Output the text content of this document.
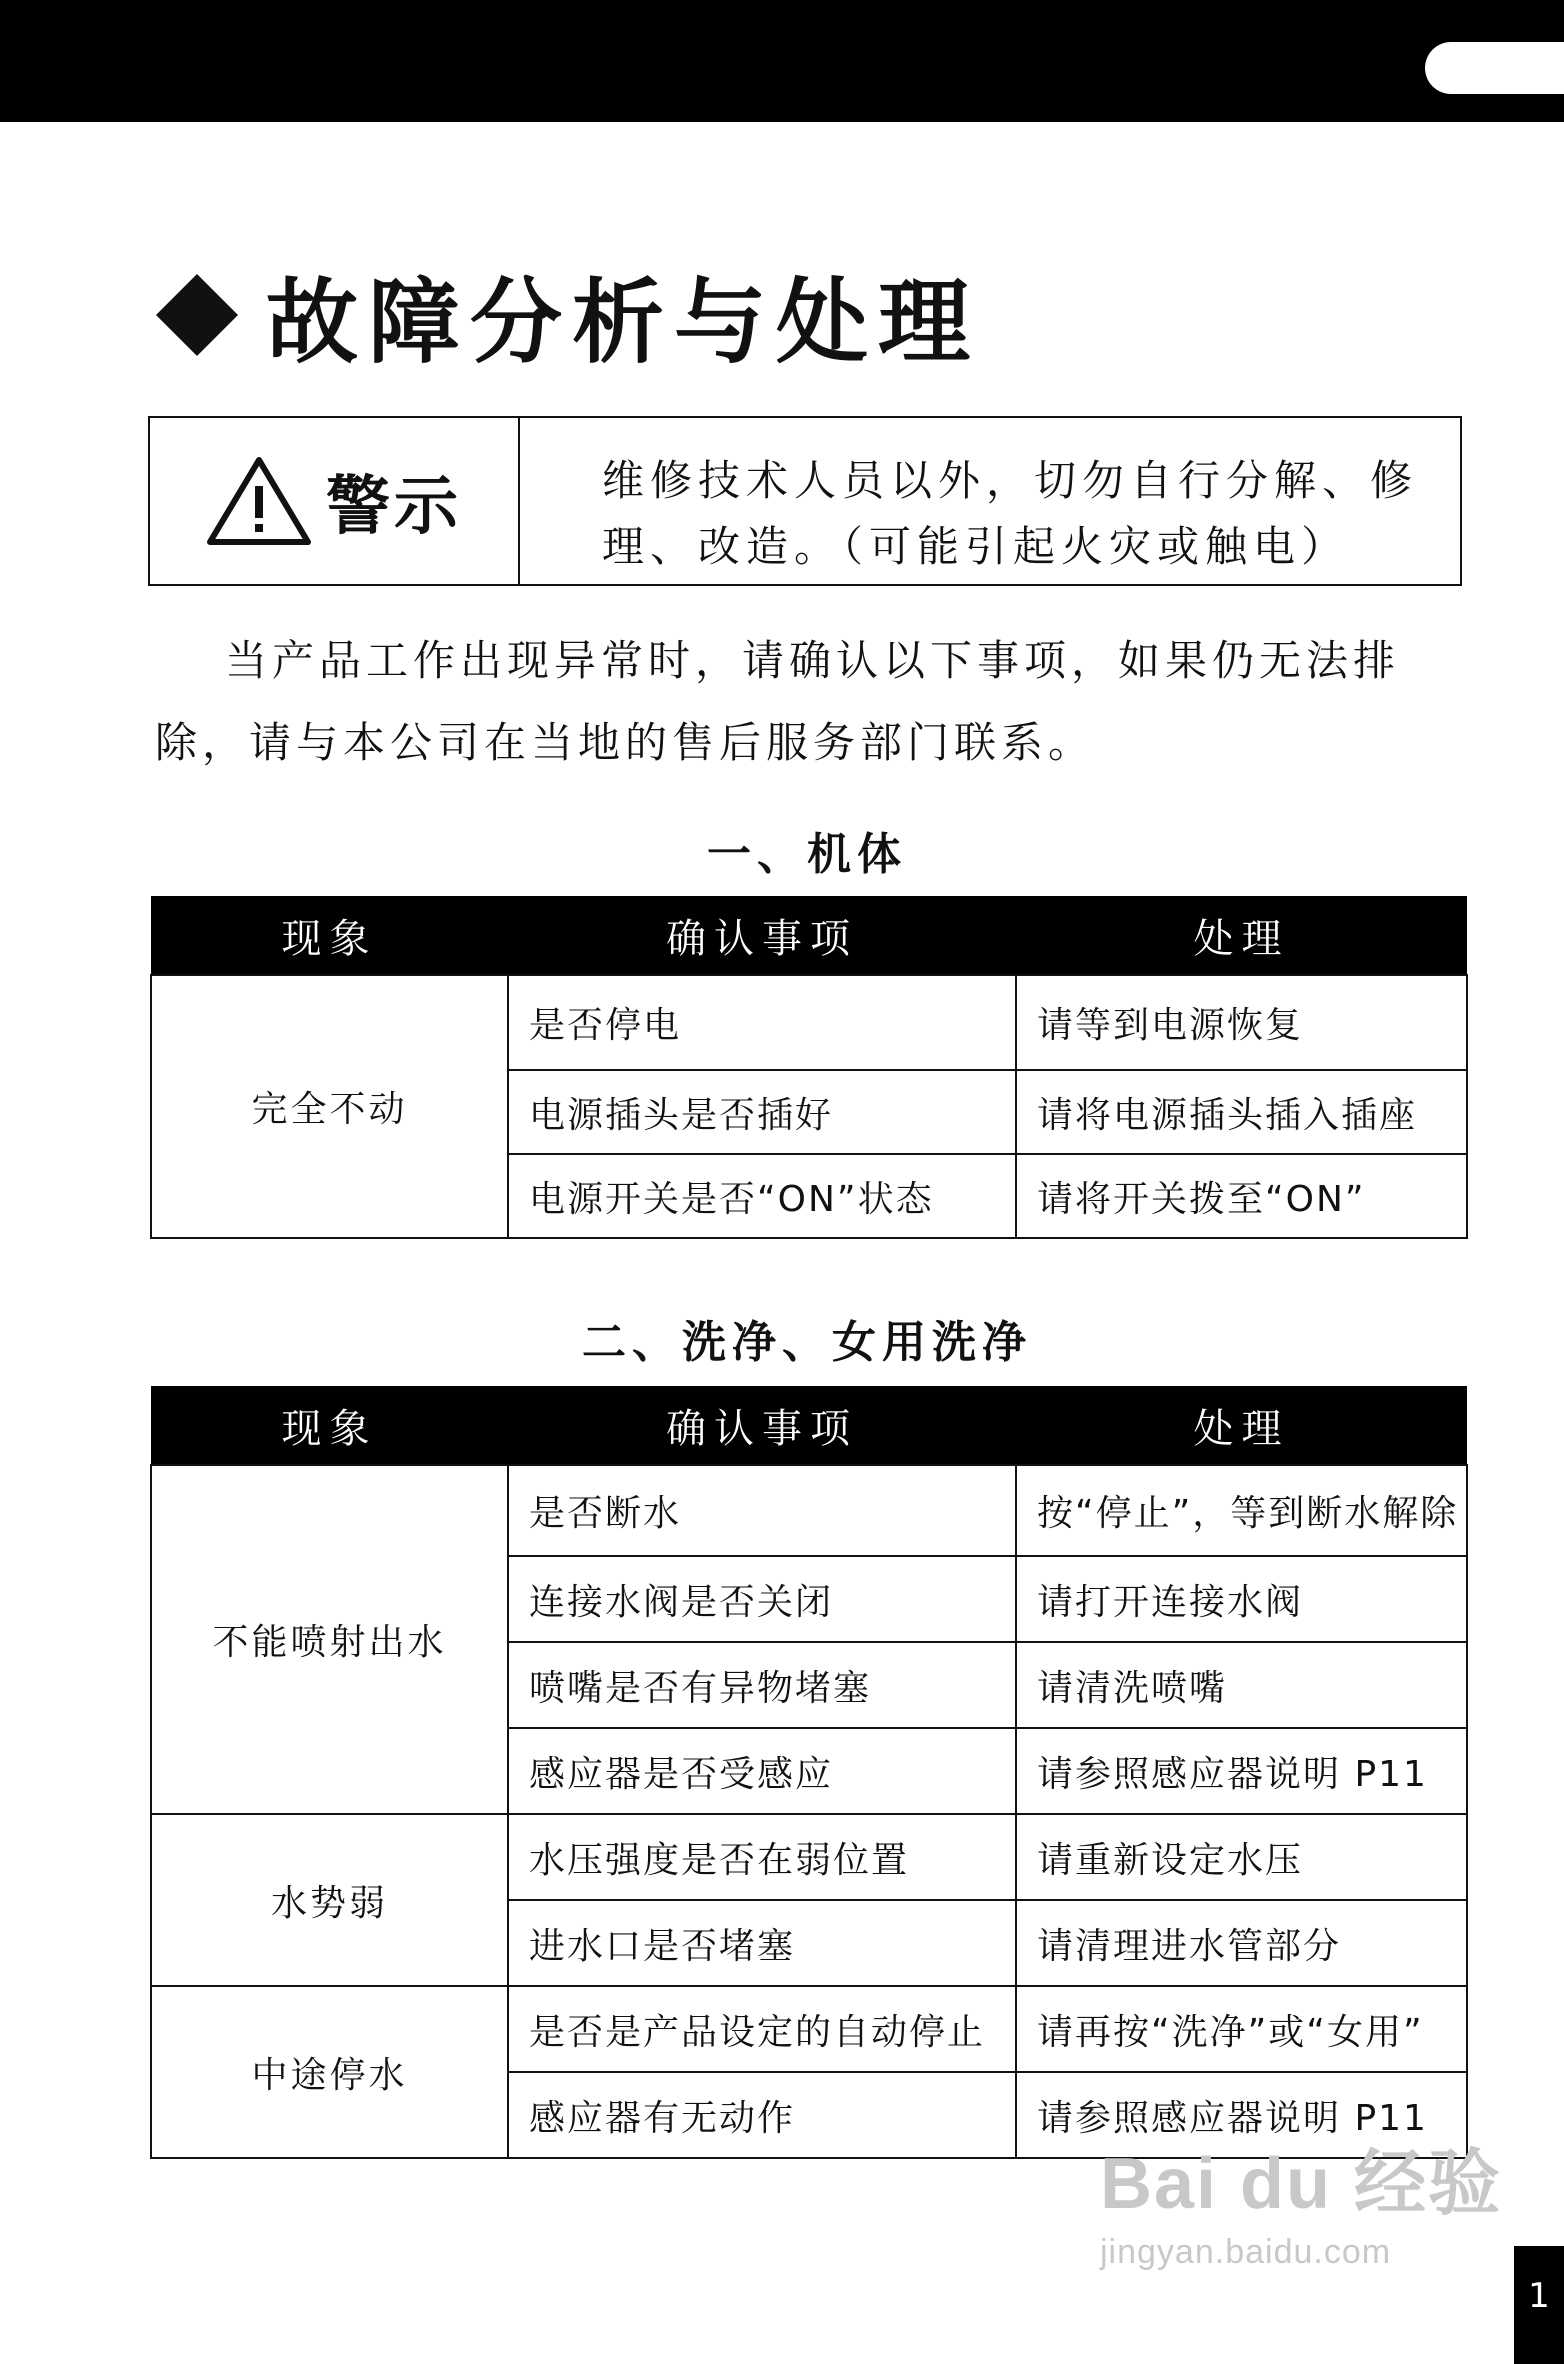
故障分析与处理
警示	维修技术人员以外，切勿自行分解、修
理、改造。（可能引起火灾或触电）
当产品工作出现异常时，请确认以下事项，如果仍无法排
除，请与本公司在当地的售后服务部门联系。
一、机体
现象	确认事项	处理
完全不动	是否停电	请等到电源恢复
	电源插头是否插好	请将电源插头插入插座
	电源开关是否“ON”状态	请将开关拨至“ON”
二、洗净、女用洗净
现象	确认事项	处理
不能喷射出水	是否断水	按“停止”，等到断水解除
	连接水阀是否关闭	请打开连接水阀
	喷嘴是否有异物堵塞	请清洗喷嘴
	感应器是否受感应	请参照感应器说明 P11
水势弱	水压强度是否在弱位置	请重新设定水压
	进水口是否堵塞	请清理进水管部分
中途停水	是否是产品设定的自动停止	请再按“洗净”或“女用”
	感应器有无动作	请参照感应器说明 P11
Bai du 经验
jingyan.baidu.com
1
